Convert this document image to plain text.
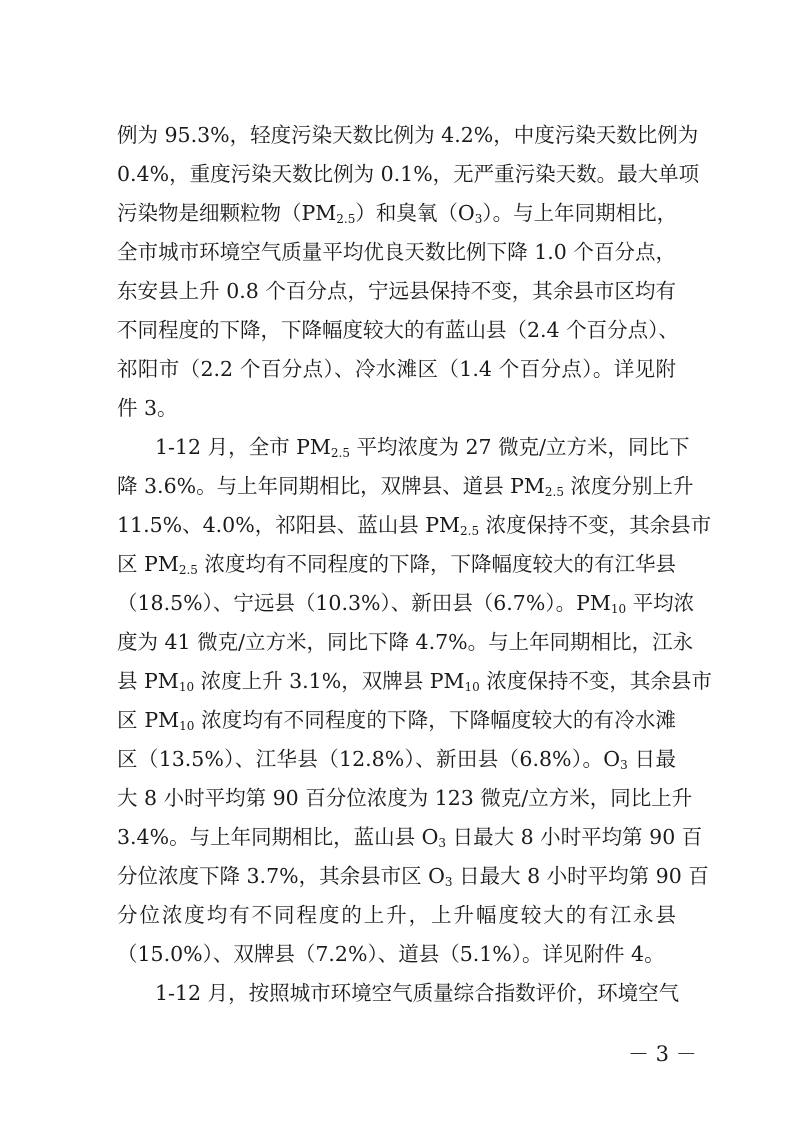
例为 95.3%，轻度污染天数比例为 4.2%，中度污染天数比例为
0.4%，重度污染天数比例为 0.1%，无严重污染天数。最大单项
污染物是细颗粒物$(PM_{2.5})$和臭氧$(O_3)$。与上年同期相比，
全市城市环境空气质量平均优良天数比例下降 1.0 个百分点，
东安县上升 0.8 个百分点，宁远县保持不变，其余县市区均有
不同程度的下降，下降幅度较大的有蓝山县（2.4 个百分点）、
祁阳市（2.2 个百分点）、冷水滩区（1.4 个百分点）。详见附
件 3。
1-12 月，全市 $PM_{2.5}$ 平均浓度为 27 微克/立方米，同比下
降 3.6%。与上年同期相比，双牌县、道县 $PM_{2.5}$ 浓度分别上升
11.5%、4.0%，祁阳县、蓝山县 $PM_{2.5}$ 浓度保持不变，其余县市
区 $PM_{2.5}$ 浓度均有不同程度的下降，下降幅度较大的有江华县
（18.5%）、宁远县（10.3%）、新田县（6.7%）。$PM_{10}$ 平均浓
度为 41 微克/立方米，同比下降 4.7%。与上年同期相比，江永
县 $PM_{10}$ 浓度上升 3.1%，双牌县 $PM_{10}$ 浓度保持不变，其余县市
区 $PM_{10}$ 浓度均有不同程度的下降，下降幅度较大的有冷水滩
区（13.5%）、江华县（12.8%）、新田县（6.8%）。$O_3$ 日最
大 8 小时平均第 90 百分位浓度为 123 微克/立方米，同比上升
3.4%。与上年同期相比，蓝山县 $O_3$ 日最大 8 小时平均第 90 百
分位浓度下降 3.7%，其余县市区 $O_3$ 日最大 8 小时平均第 90 百
分位浓度均有不同程度的上升，上升幅度较大的有江永县
（15.0%）、双牌县（7.2%）、道县（5.1%）。详见附件 4。
1-12 月，按照城市环境空气质量综合指数评价，环境空气
－ 3 －
